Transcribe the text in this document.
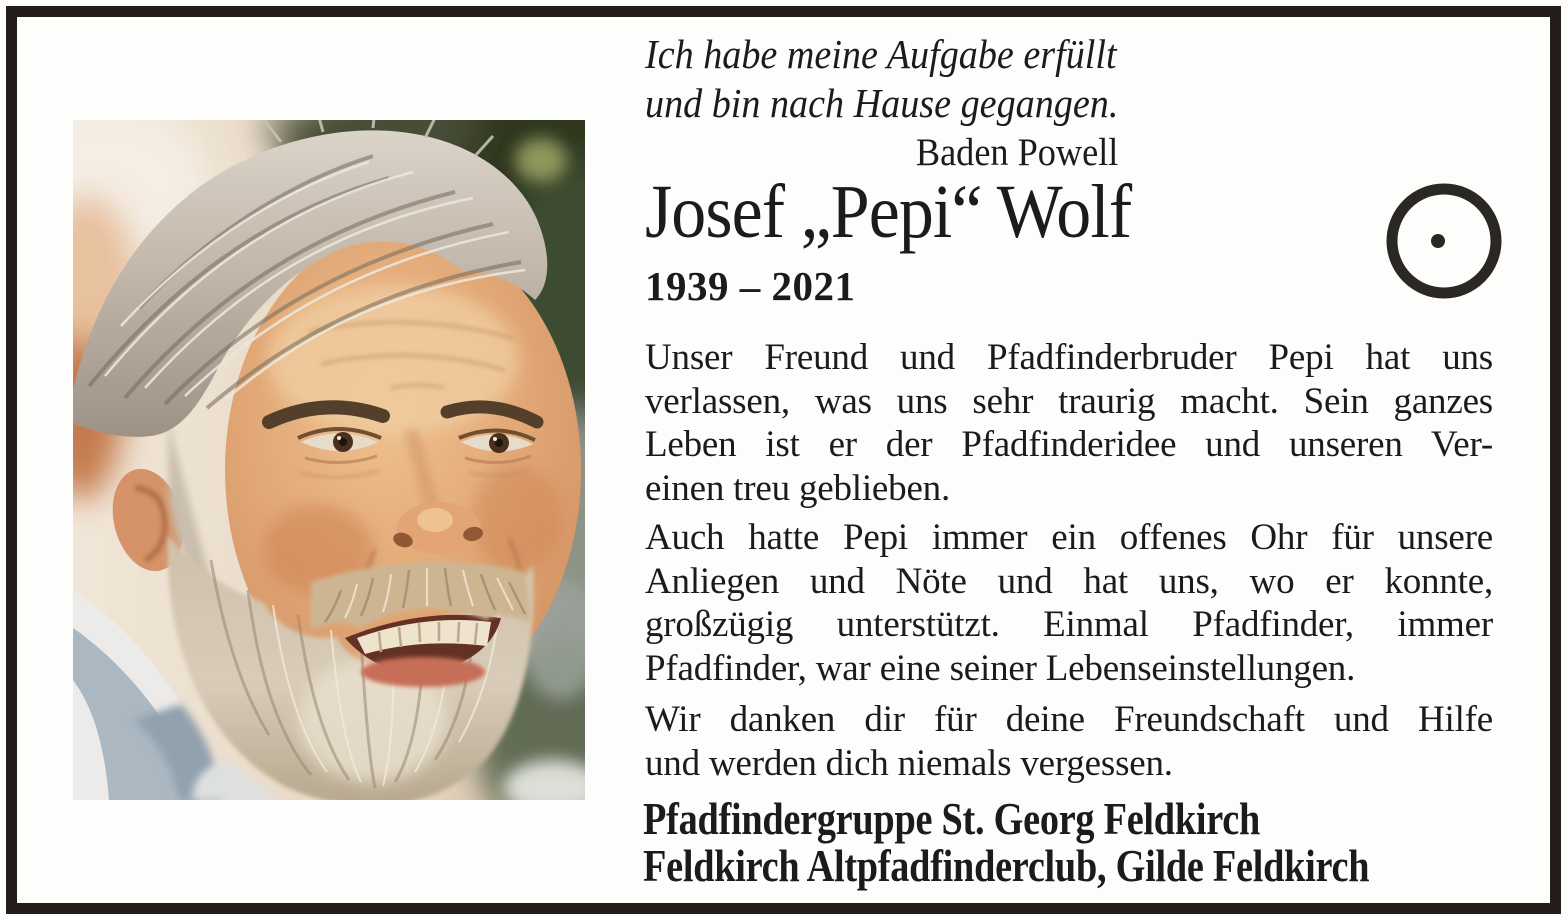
Ich habe meine Aufgabe erfüllt
und bin nach Hause gegangen.
Baden Powell
Josef „Pepi“ Wolf
1939 – 2021
Unser Freund und Pfadfinderbruder Pepi hat uns
verlassen, was uns sehr traurig macht. Sein ganzes
Leben ist er der Pfadfinderidee und unseren Ver-
einen treu geblieben.
Auch hatte Pepi immer ein offenes Ohr für unsere
Anliegen und Nöte und hat uns, wo er konnte,
großzügig unterstützt. Einmal Pfadfinder, immer
Pfadfinder, war eine seiner Lebenseinstellungen.
Wir danken dir für deine Freundschaft und Hilfe
und werden dich niemals vergessen.
Pfadfindergruppe St. Georg Feldkirch
Feldkirch Altpfadfinderclub, Gilde Feldkirch
